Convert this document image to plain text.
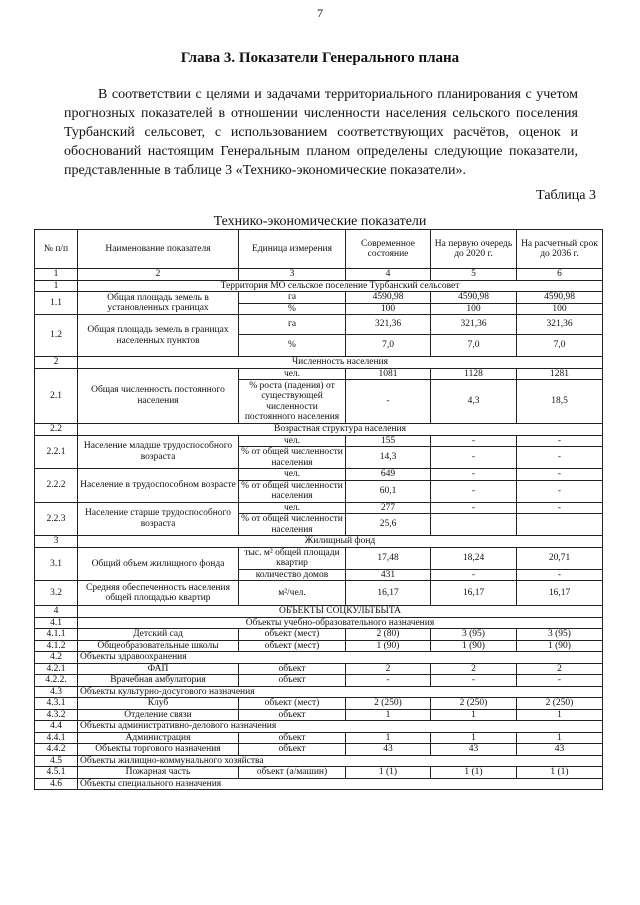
7
Глава 3. Показатели Генерального плана

В соответствии с целями и задачами территориального планирования с учетом прогнозных показателей в отношении численности населения сельского поселения Турбанский сельсовет, с использованием соответствующих расчётов, оценок и обоснований настоящим Генеральным планом определены следующие показатели, представленные в таблице 3 «Технико-экономические показатели».

Таблица 3
Технико-экономические показатели
№ п/п	Наименование показателя	Единица измерения	Современное состояние	На первую очередь до 2020 г.	На расчетный срок до 2036 г.
1	2	3	4	5	6
1	Территория МО сельское поселение Турбанский сельсовет				
1.1	Общая площадь земель в установленных границах	га	4590,98	4590,98	4590,98
		%	100	100	100
1.2	Общая площадь земель в границах населенных пунктов	га	321,36	321,36	321,36
		%	7,0	7,0	7,0
2	Численность населения				
2.1	Общая численность постоянного населения	чел.	1081	1128	1281
		% роста (падения) от существующей численности постоянного населения	-	4,3	18,5
2.2	Возрастная структура населения				
2.2.1	Население младше трудоспособного возраста	чел.	155	-	-
		% от общей численности населения	14,3	-	-
2.2.2	Население в трудоспособном возрасте	чел.	649	-	-
		% от общей численности населения	60,1	-	-
2.2.3	Население старше трудоспособного возраста	чел.	277	-	-
		% от общей численности населения	25,6		
3	Жилищный фонд				
3.1	Общий объем жилищного фонда	тыс. м² общей площади квартир	17,48	18,24	20,71
		количество домов	431	-	-
3.2	Средняя обеспеченность населения общей площадью квартир	м²/чел.	16,17	16,17	16,17
4	ОБЪЕКТЫ СОЦКУЛЬТБЫТА				
4.1	Объекты учебно-образовательного назначения				
4.1.1	Детский сад	объект (мест)	2 (80)	3 (95)	3 (95)
4.1.2	Общеобразовательные школы	объект (мест)	1 (90)	1 (90)	1 (90)
4.2	Объекты здравоохранения				
4.2.1	ФАП	объект	2	2	2
4.2.2.	Врачебная амбулатория	объект	-	-	-
4.3	Объекты культурно-досугового назначения				
4.3.1	Клуб	объект (мест)	2 (250)	2 (250)	2 (250)
4.3.2	Отделение связи	объект	1	1	1
4.4	Объекты административно-делового назначения				
4.4.1	Администрация	объект	1	1	1
4.4.2	Объекты торгового назначения	объект	43	43	43
4.5	Объекты жилищно-коммунального хозяйства				
4.5.1	Пожарная часть	объект (а/машин)	1 (1)	1 (1)	1 (1)
4.6	Объекты специального назначения				
